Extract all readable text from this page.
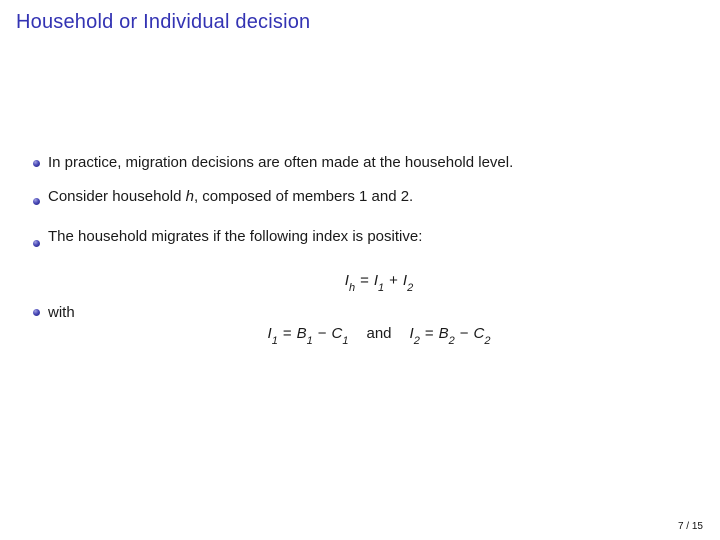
Household or Individual decision
In practice, migration decisions are often made at the household level.
Consider household h, composed of members 1 and 2.
The household migrates if the following index is positive:
$I_h = I_1 + I_2$
with
$I_1 = B_1 - C_1$ and $I_2 = B_2 - C_2$
7 / 15
